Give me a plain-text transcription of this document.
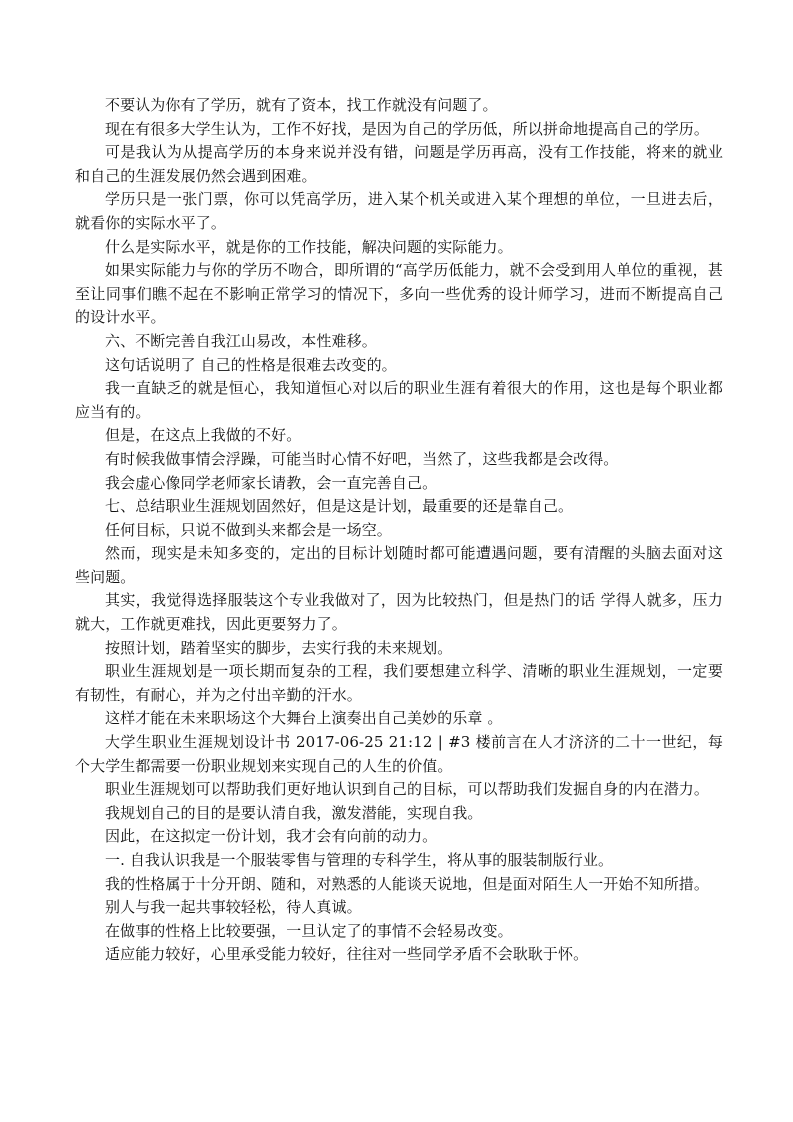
不要认为你有了学历，就有了资本，找工作就没有问题了。

现在有很多大学生认为，工作不好找，是因为自己的学历低，所以拼命地提高自己的学历。

可是我认为从提高学历的本身来说并没有错，问题是学历再高，没有工作技能，将来的就业和自己的生涯发展仍然会遇到困难。

学历只是一张门票，你可以凭高学历，进入某个机关或进入某个理想的单位，一旦进去后，就看你的实际水平了。

什么是实际水平，就是你的工作技能，解决问题的实际能力。

如果实际能力与你的学历不吻合，即所谓的“高学历低能力，就不会受到用人单位的重视，甚至让同事们瞧不起在不影响正常学习的情况下，多向一些优秀的设计师学习，进而不断提高自己的设计水平。

六、不断完善自我江山易改，本性难移。

这句话说明了 自己的性格是很难去改变的。

我一直缺乏的就是恒心，我知道恒心对以后的职业生涯有着很大的作用，这也是每个职业都应当有的。

但是，在这点上我做的不好。

有时候我做事情会浮躁，可能当时心情不好吧，当然了，这些我都是会改得。

我会虚心像同学老师家长请教，会一直完善自己。

七、总结职业生涯规划固然好，但是这是计划，最重要的还是靠自己。

任何目标，只说不做到头来都会是一场空。

然而，现实是未知多变的，定出的目标计划随时都可能遭遇问题，要有清醒的头脑去面对这些问题。

其实，我觉得选择服装这个专业我做对了，因为比较热门，但是热门的话 学得人就多，压力就大，工作就更难找，因此更要努力了。

按照计划，踏着坚实的脚步，去实行我的未来规划。

职业生涯规划是一项长期而复杂的工程，我们要想建立科学、清晰的职业生涯规划，一定要有韧性，有耐心，并为之付出辛勤的汗水。

这样才能在未来职场这个大舞台上演奏出自己美妙的乐章 。

大学生职业生涯规划设计书 2017-06-25 21:12 | #3 楼前言在人才济济的二十一世纪，每个大学生都需要一份职业规划来实现自己的人生的价值。

职业生涯规划可以帮助我们更好地认识到自己的目标，可以帮助我们发掘自身的内在潜力。

我规划自己的目的是要认清自我，激发潜能，实现自我。

因此，在这拟定一份计划，我才会有向前的动力。

一. 自我认识我是一个服装零售与管理的专科学生，将从事的服装制版行业。

我的性格属于十分开朗、随和，对熟悉的人能谈天说地，但是面对陌生人一开始不知所措。

别人与我一起共事较轻松，待人真诚。

在做事的性格上比较要强，一旦认定了的事情不会轻易改变。

适应能力较好，心里承受能力较好，往往对一些同学矛盾不会耿耿于怀。
